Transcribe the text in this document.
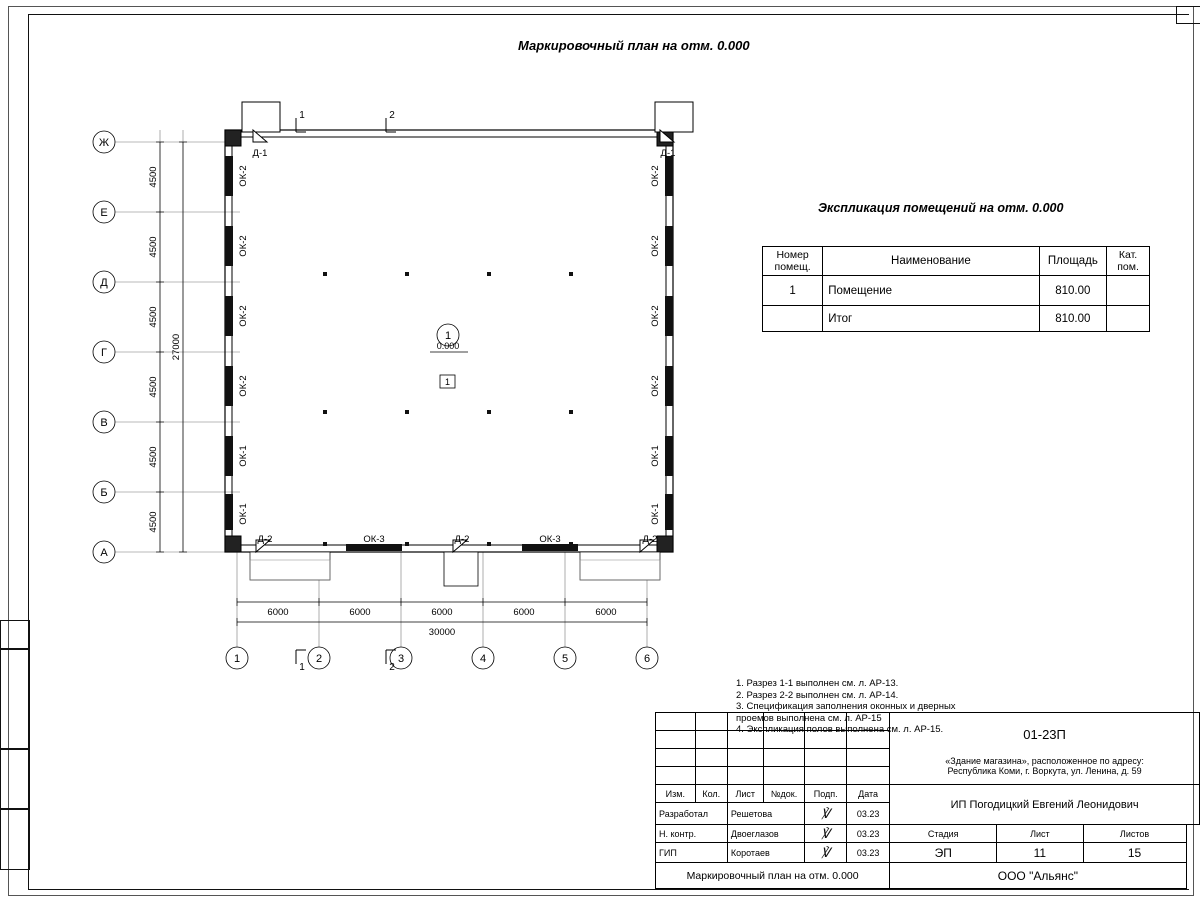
Маркировочный план на отм. 0.000
Экспликация помещений на отм. 0.000
Ж
Е
Д
Г
В
Б
А
1	2	3	4	5	6
1
0.000
1
4500
4500
4500
4500
4500
4500
27000
6000	6000	6000	6000	6000
30000
ОК-2
ОК-2
ОК-2
ОК-2
ОК-1
ОК-1
ОК-2
ОК-2
ОК-2
ОК-2
ОК-1
ОК-1
Д-1	Д-1
Д-2	Д-2	Д-2
ОК-3	ОК-3
1	2
1	2
Номер помещ.	Наименование	Площадь	Кат. пом.
1	Помещение	810.00	
	Итог	810.00	
1. Разрез 1-1 выполнен см. л. АР-13.
2. Разрез 2-2 выполнен см. л. АР-14.
3. Спецификация заполнения оконных и дверных
проемов выполнена см. л. АР-15
4. Экспликация полов выполнена см. л. АР-15.

						01-23П
«Здание магазина», расположенное по адресу:
Республика Коми, г. Воркута, ул. Ленина, д. 59			

Изм.	Кол.	Лист	№док.	Подп.	Дата	ИП Погодицкий Евгений Леонидович			
Разработал		Решетова		℣	03.23				
Н. контр.		Двоеглазов		℣	03.23	Стадия	Лист	Листов	
ГИП		Коротаев		℣	03.23	ЭП	11	15	
Маркировочный план на отм. 0.000						ООО "Альянс"			
